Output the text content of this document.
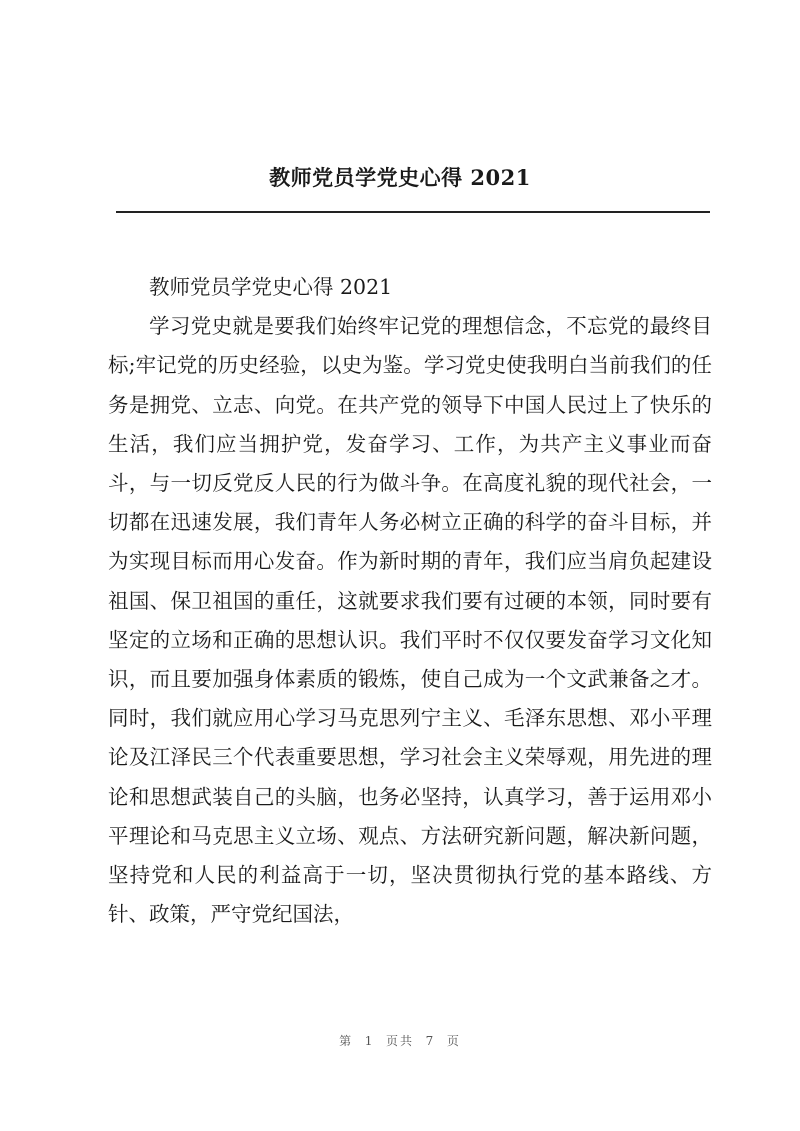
教师党员学党史心得 2021

教师党员学党史心得 2021

学习党史就是要我们始终牢记党的理想信念，不忘党的最终目标;牢记党的历史经验，以史为鉴。学习党史使我明白当前我们的任务是拥党、立志、向党。在共产党的领导下中国人民过上了快乐的生活，我们应当拥护党，发奋学习、工作，为共产主义事业而奋斗，与一切反党反人民的行为做斗争。在高度礼貌的现代社会，一切都在迅速发展，我们青年人务必树立正确的科学的奋斗目标，并为实现目标而用心发奋。作为新时期的青年，我们应当肩负起建设祖国、保卫祖国的重任，这就要求我们要有过硬的本领，同时要有坚定的立场和正确的思想认识。我们平时不仅仅要发奋学习文化知识，而且要加强身体素质的锻炼，使自己成为一个文武兼备之才。同时，我们就应用心学习马克思列宁主义、毛泽东思想、邓小平理论及江泽民三个代表重要思想，学习社会主义荣辱观，用先进的理论和思想武装自己的头脑，也务必坚持，认真学习，善于运用邓小平理论和马克思主义立场、观点、方法研究新问题，解决新问题，坚持党和人民的利益高于一切，坚决贯彻执行党的基本路线、方针、政策，严守党纪国法，

第  1  页共  7  页
